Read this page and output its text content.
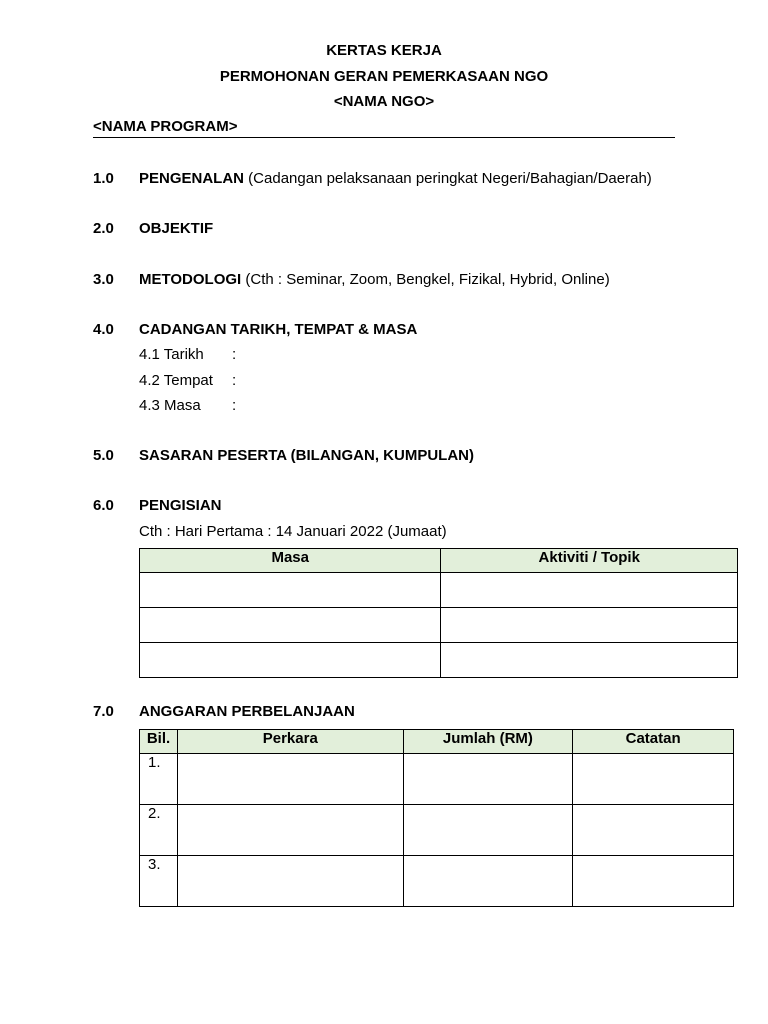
KERTAS KERJA
PERMOHONAN GERAN PEMERKASAAN NGO
<NAMA NGO>
<NAMA PROGRAM>
1.0 PENGENALAN (Cadangan pelaksanaan peringkat Negeri/Bahagian/Daerah)
2.0 OBJEKTIF
3.0 METODOLOGI (Cth : Seminar, Zoom, Bengkel, Fizikal, Hybrid, Online)
4.0 CADANGAN TARIKH, TEMPAT & MASA
4.1 Tarikh :
4.2 Tempat :
4.3 Masa :
5.0 SASARAN PESERTA (BILANGAN, KUMPULAN)
6.0 PENGISIAN
Cth : Hari Pertama : 14 Januari 2022 (Jumaat)
Masa	Aktiviti / Topik

7.0 ANGGARAN PERBELANJAAN
Bil.	Perkara	Jumlah (RM)	Catatan
1.			
2.			
3.			
